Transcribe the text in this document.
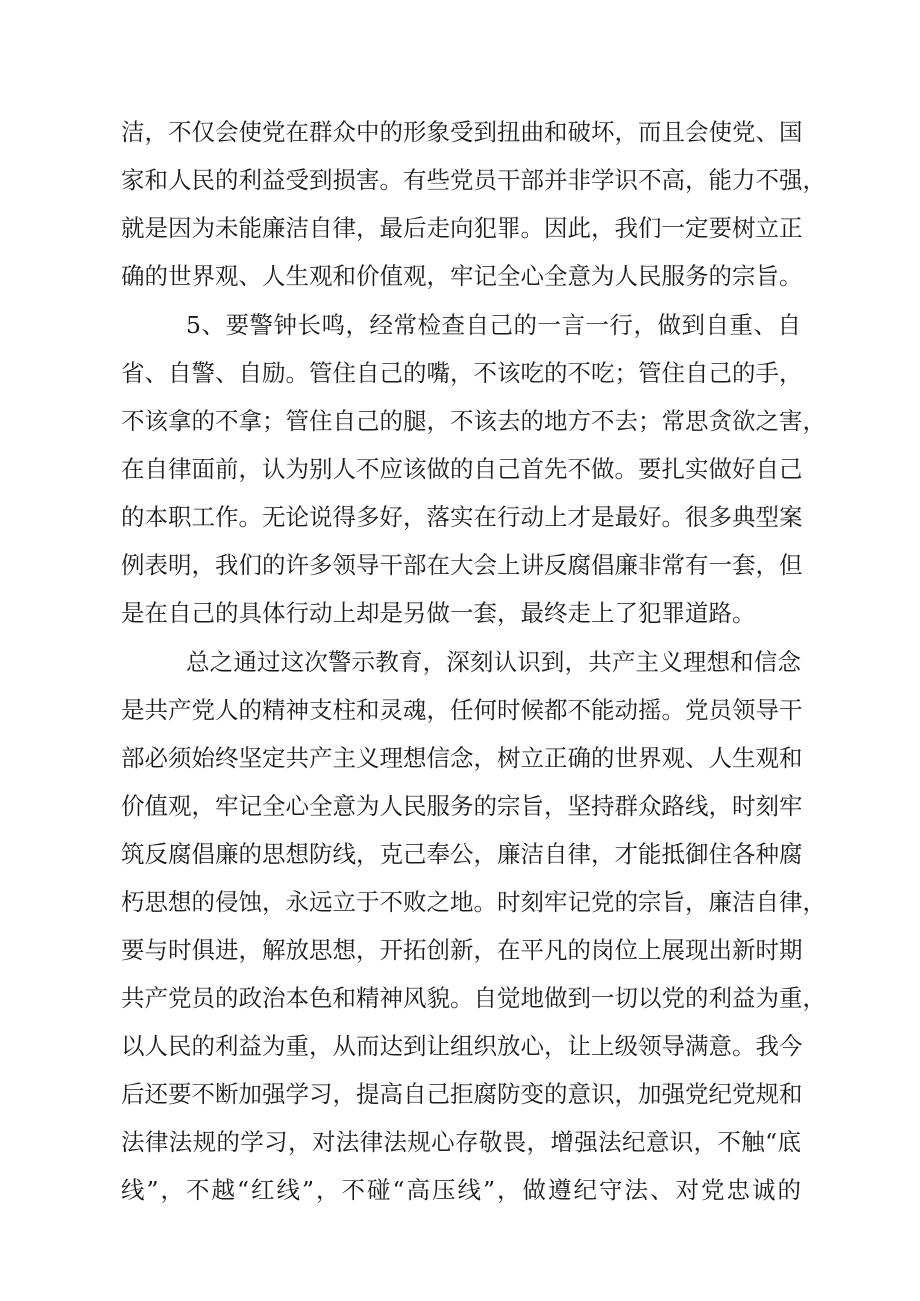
洁，不仅会使党在群众中的形象受到扭曲和破坏，而且会使党、国

家和人民的利益受到损害。有些党员干部并非学识不高，能力不强，

就是因为未能廉洁自律，最后走向犯罪。因此，我们一定要树立正

确的世界观、人生观和价值观，牢记全心全意为人民服务的宗旨。

5、要警钟长鸣，经常检查自己的一言一行，做到自重、自

省、自警、自励。管住自己的嘴，不该吃的不吃；管住自己的手，

不该拿的不拿；管住自己的腿，不该去的地方不去；常思贪欲之害，

在自律面前，认为别人不应该做的自己首先不做。要扎实做好自己

的本职工作。无论说得多好，落实在行动上才是最好。很多典型案

例表明，我们的许多领导干部在大会上讲反腐倡廉非常有一套，但

是在自己的具体行动上却是另做一套，最终走上了犯罪道路。

总之通过这次警示教育，深刻认识到，共产主义理想和信念

是共产党人的精神支柱和灵魂，任何时候都不能动摇。党员领导干

部必须始终坚定共产主义理想信念，树立正确的世界观、人生观和

价值观，牢记全心全意为人民服务的宗旨，坚持群众路线，时刻牢

筑反腐倡廉的思想防线，克己奉公，廉洁自律，才能抵御住各种腐

朽思想的侵蚀，永远立于不败之地。时刻牢记党的宗旨，廉洁自律，

要与时俱进，解放思想，开拓创新，在平凡的岗位上展现出新时期

共产党员的政治本色和精神风貌。自觉地做到一切以党的利益为重，

以人民的利益为重，从而达到让组织放心，让上级领导满意。我今

后还要不断加强学习，提高自己拒腐防变的意识，加强党纪党规和

法律法规的学习，对法律法规心存敬畏，增强法纪意识，不触“底

线”，不越“红线”，不碰“高压线”，做遵纪守法、对党忠诚的
